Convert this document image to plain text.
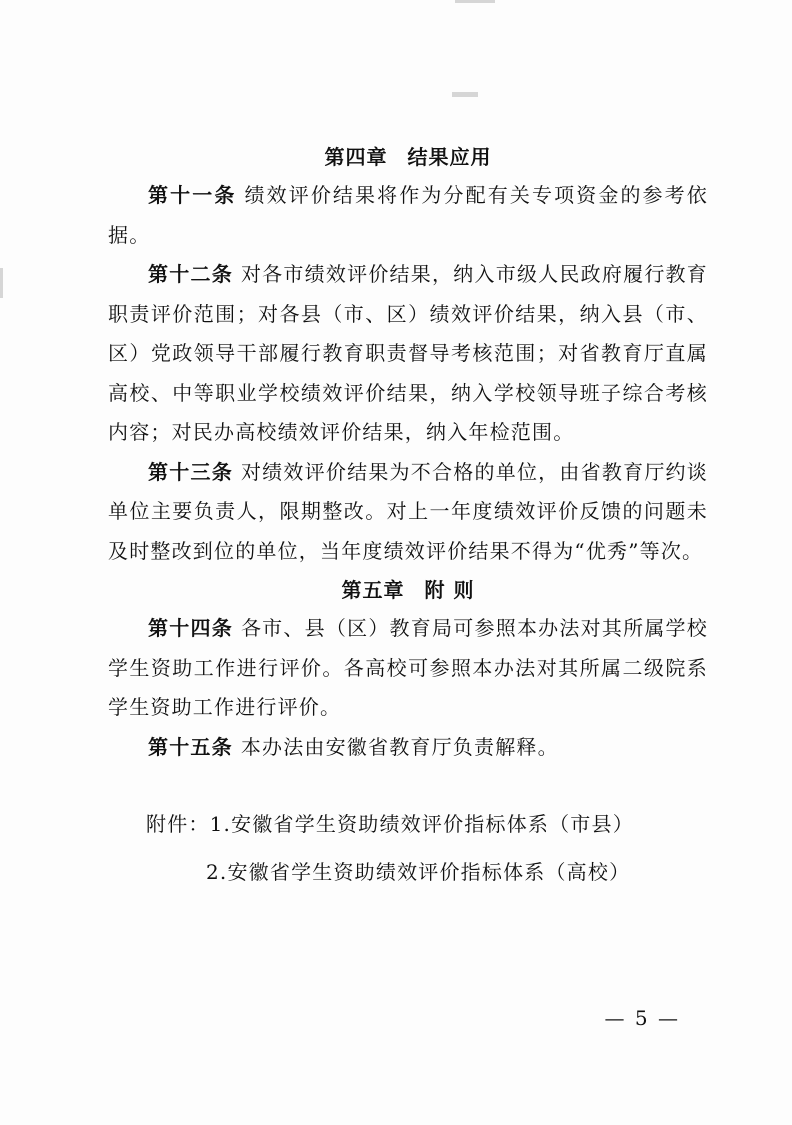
第四章 结果应用

第十一条 绩效评价结果将作为分配有关专项资金的参考依据。

第十二条 对各市绩效评价结果，纳入市级人民政府履行教育职责评价范围；对各县（市、区）绩效评价结果，纳入县（市、区）党政领导干部履行教育职责督导考核范围；对省教育厅直属高校、中等职业学校绩效评价结果，纳入学校领导班子综合考核内容；对民办高校绩效评价结果，纳入年检范围。

第十三条 对绩效评价结果为不合格的单位，由省教育厅约谈单位主要负责人，限期整改。对上一年度绩效评价反馈的问题未及时整改到位的单位，当年度绩效评价结果不得为“优秀”等次。

第五章 附 则

第十四条 各市、县（区）教育局可参照本办法对其所属学校学生资助工作进行评价。各高校可参照本办法对其所属二级院系学生资助工作进行评价。

第十五条 本办法由安徽省教育厅负责解释。

附件：1.安徽省学生资助绩效评价指标体系（市县）
2.安徽省学生资助绩效评价指标体系（高校）
— 5 —
